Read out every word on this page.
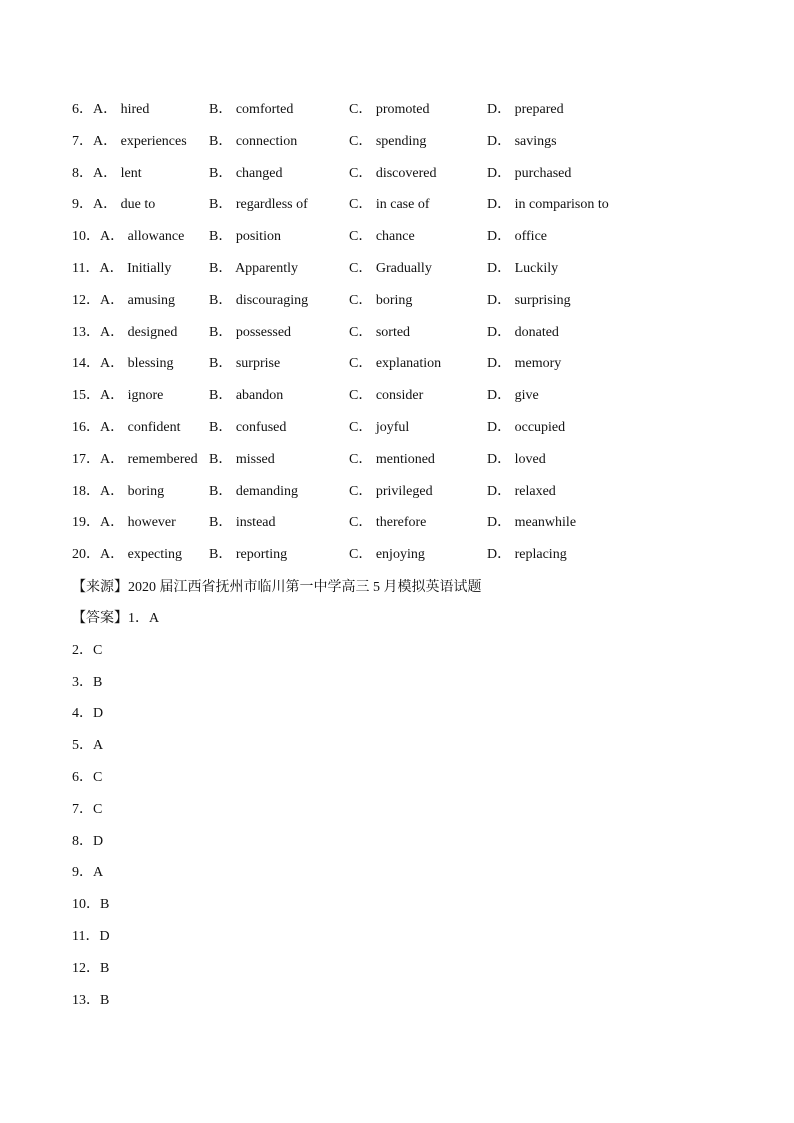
6．A． hired	B． comforted	C． promoted	D． prepared
7．A． experiences B． connection	C． spending	D． savings
8．A． lent	B． changed	C． discovered	D． purchased
9．A． due to	B． regardless of	C． in case of	D． in comparison to
10．A． allowance B． position	C． chance	D． office
11．A． Initially	B． Apparently	C． Gradually	D． Luckily
12．A． amusing B． discouraging	C． boring	D． surprising
13．A． designed B． possessed	C． sorted	D． donated
14．A． blessing	B． surprise	C． explanation	D． memory
15．A． ignore	B． abandon	C． consider	D． give
16．A． confident B． confused	C． joyful	D． occupied
17．A． remembered B． missed	C． mentioned	D． loved
18．A． boring	B． demanding	C． privileged	D． relaxed
19．A． however B． instead	C． therefore	D． meanwhile
20．A． expecting B． reporting	C． enjoying	D． replacing
【来源】2020 届江西省抚州市临川第一中学高三 5 月模拟英语试题
【答案】1．A
2．C
3．B
4．D
5．A
6．C
7．C
8．D
9．A
10．B
11．D
12．B
13．B
